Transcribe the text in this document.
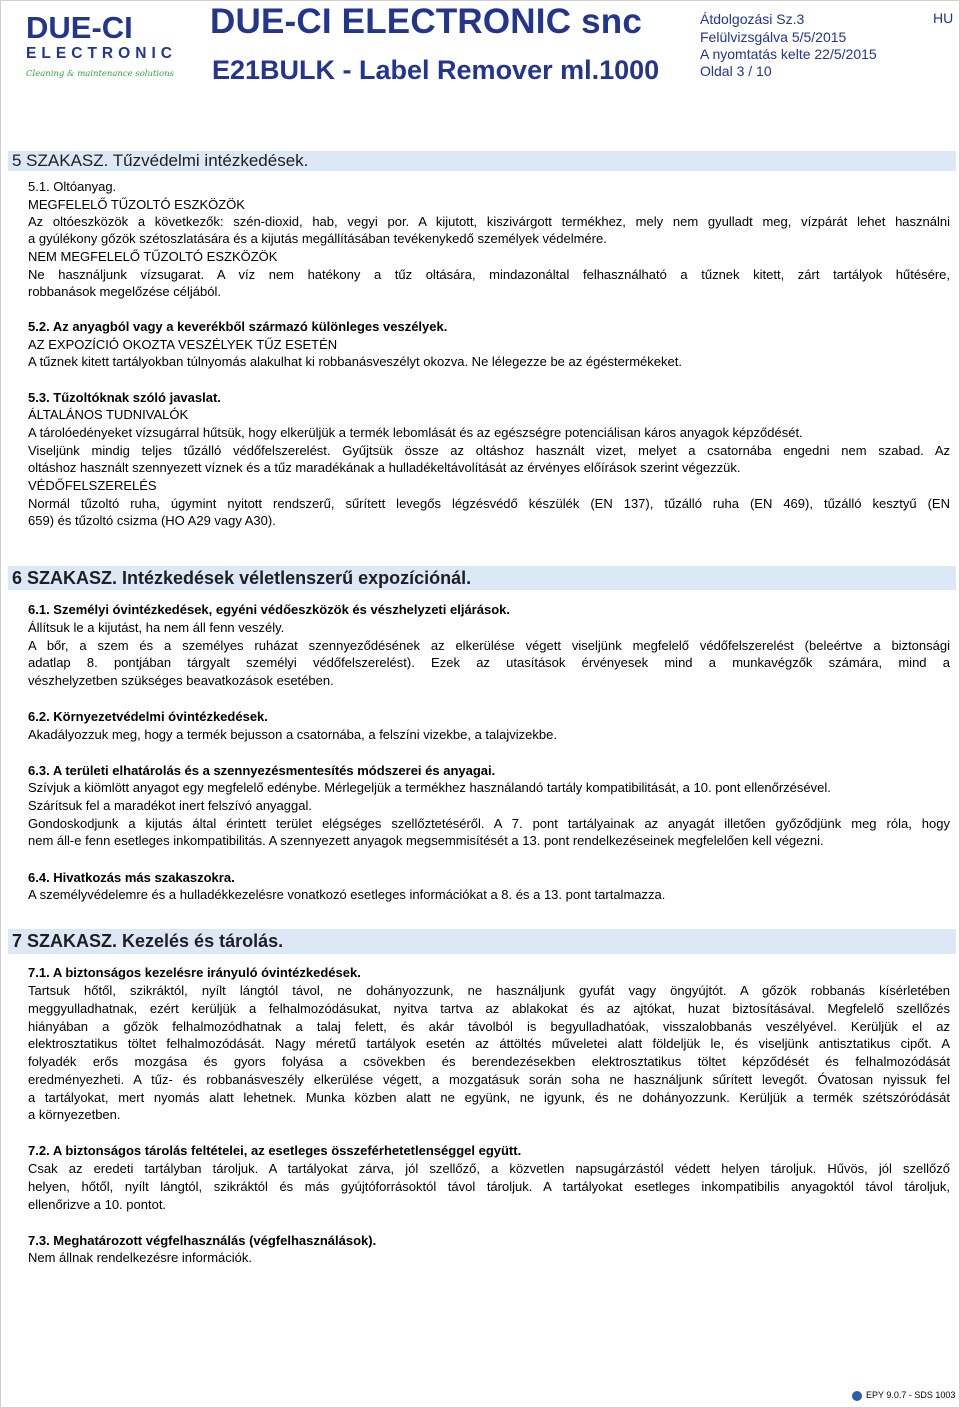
DUE-CI
ELECTRONIC
Cleaning & maintenance solutions
DUE-CI ELECTRONIC snc
E21BULK - Label Remover ml.1000
Átdolgozási Sz.3
Felülvizsgálva 5/5/2015
A nyomtatás kelte 22/5/2015
Oldal 3 / 10
HU
5 SZAKASZ. Tűzvédelmi intézkedések.
5.1. Oltóanyag.
MEGFELELŐ TŰZOLTÓ ESZKÖZÖK
Az oltóeszközök a következők: szén-dioxid, hab, vegyi por. A kijutott, kiszivárgott termékhez, mely nem gyulladt meg, vízpárát lehet használni
a gyúlékony gőzök szétoszlatására és a kijutás megállításában tevékenykedő személyek védelmére.
NEM MEGFELELŐ TŰZOLTÓ ESZKÖZÖK
Ne használjunk vízsugarat. A víz nem hatékony a tűz oltására, mindazonáltal felhasználható a tűznek kitett, zárt tartályok hűtésére,
robbanások megelőzése céljából.
5.2. Az anyagból vagy a keverékből származó különleges veszélyek.
AZ EXPOZÍCIÓ OKOZTA VESZÉLYEK TŰZ ESETÉN
A tűznek kitett tartályokban túlnyomás alakulhat ki robbanásveszélyt okozva. Ne lélegezze be az égéstermékeket.
5.3. Tűzoltóknak szóló javaslat.
ÁLTALÁNOS TUDNIVALÓK
A tárolóedényeket vízsugárral hűtsük, hogy elkerüljük a termék lebomlását és az egészségre potenciálisan káros anyagok képződését.
Viseljünk mindig teljes tűzálló védőfelszerelést. Gyűjtsük össze az oltáshoz használt vizet, melyet a csatornába engedni nem szabad. Az
oltáshoz használt szennyezett víznek és a tűz maradékának a hulladékeltávolítását az érvényes előírások szerint végezzük.
VÉDŐFELSZERELÉS
Normál tűzoltó ruha, úgymint nyitott rendszerű, sűrített levegős légzésvédő készülék (EN 137), tűzálló ruha (EN 469), tűzálló kesztyű (EN
659) és tűzoltó csizma (HO A29 vagy A30).
6 SZAKASZ. Intézkedések véletlenszerű expozíciónál.
6.1. Személyi óvintézkedések, egyéni védőeszközök és vészhelyzeti eljárások.
Állítsuk le a kijutást, ha nem áll fenn veszély.
A bőr, a szem és a személyes ruházat szennyeződésének az elkerülése végett viseljünk megfelelő védőfelszerelést (beleértve a biztonsági
adatlap 8. pontjában tárgyalt személyi védőfelszerelést). Ezek az utasítások érvényesek mind a munkavégzők számára, mind a
vészhelyzetben szükséges beavatkozások esetében.
6.2. Környezetvédelmi óvintézkedések.
Akadályozzuk meg, hogy a termék bejusson a csatornába, a felszíni vizekbe, a talajvizekbe.
6.3. A területi elhatárolás és a szennyezésmentesítés módszerei és anyagai.
Szívjuk a kiömlött anyagot egy megfelelő edénybe. Mérlegeljük a termékhez használandó tartály kompatibilitását, a 10. pont ellenőrzésével.
Szárítsuk fel a maradékot inert felszívó anyaggal.
Gondoskodjunk a kijutás által érintett terület elégséges szellőztetéséről. A 7. pont tartályainak az anyagát illetően győződjünk meg róla, hogy
nem áll-e fenn esetleges inkompatibilitás. A szennyezett anyagok megsemmisítését a 13. pont rendelkezéseinek megfelelően kell végezni.
6.4. Hivatkozás más szakaszokra.
A személyvédelemre és a hulladékkezelésre vonatkozó esetleges információkat a 8. és a 13. pont tartalmazza.
7 SZAKASZ. Kezelés és tárolás.
7.1. A biztonságos kezelésre irányuló óvintézkedések.
Tartsuk hőtől, szikráktól, nyílt lángtól távol, ne dohányozzunk, ne használjunk gyufát vagy öngyújtót. A gőzök robbanás kísérletében
meggyulladhatnak, ezért kerüljük a felhalmozódásukat, nyitva tartva az ablakokat és az ajtókat, huzat biztosításával. Megfelelő szellőzés
hiányában a gőzök felhalmozódhatnak a talaj felett, és akár távolból is begyulladhatóak, visszalobbanás veszélyével. Kerüljük el az
elektrosztatikus töltet felhalmozódását. Nagy méretű tartályok esetén az áttöltés műveletei alatt földeljük le, és viseljünk antisztatikus cipőt. A
folyadék erős mozgása és gyors folyása a csövekben és berendezésekben elektrosztatikus töltet képződését és felhalmozódását
eredményezheti. A tűz- és robbanásveszély elkerülése végett, a mozgatásuk során soha ne használjunk sűrített levegőt. Óvatosan nyissuk fel
a tartályokat, mert nyomás alatt lehetnek. Munka közben alatt ne együnk, ne igyunk, és ne dohányozzunk. Kerüljük a termék szétszóródását
a környezetben.
7.2. A biztonságos tárolás feltételei, az esetleges összeférhetetlenséggel együtt.
Csak az eredeti tartályban tároljuk. A tartályokat zárva, jól szellőző, a közvetlen napsugárzástól védett helyen tároljuk. Hűvös, jól szellőző
helyen, hőtől, nyílt lángtól, szikráktól és más gyújtóforrásoktól távol tároljuk. A tartályokat esetleges inkompatibilis anyagoktól távol tároljuk,
ellenőrizve a 10. pontot.
7.3. Meghatározott végfelhasználás (végfelhasználások).
Nem állnak rendelkezésre információk.
EPY 9.0.7 - SDS 1003
